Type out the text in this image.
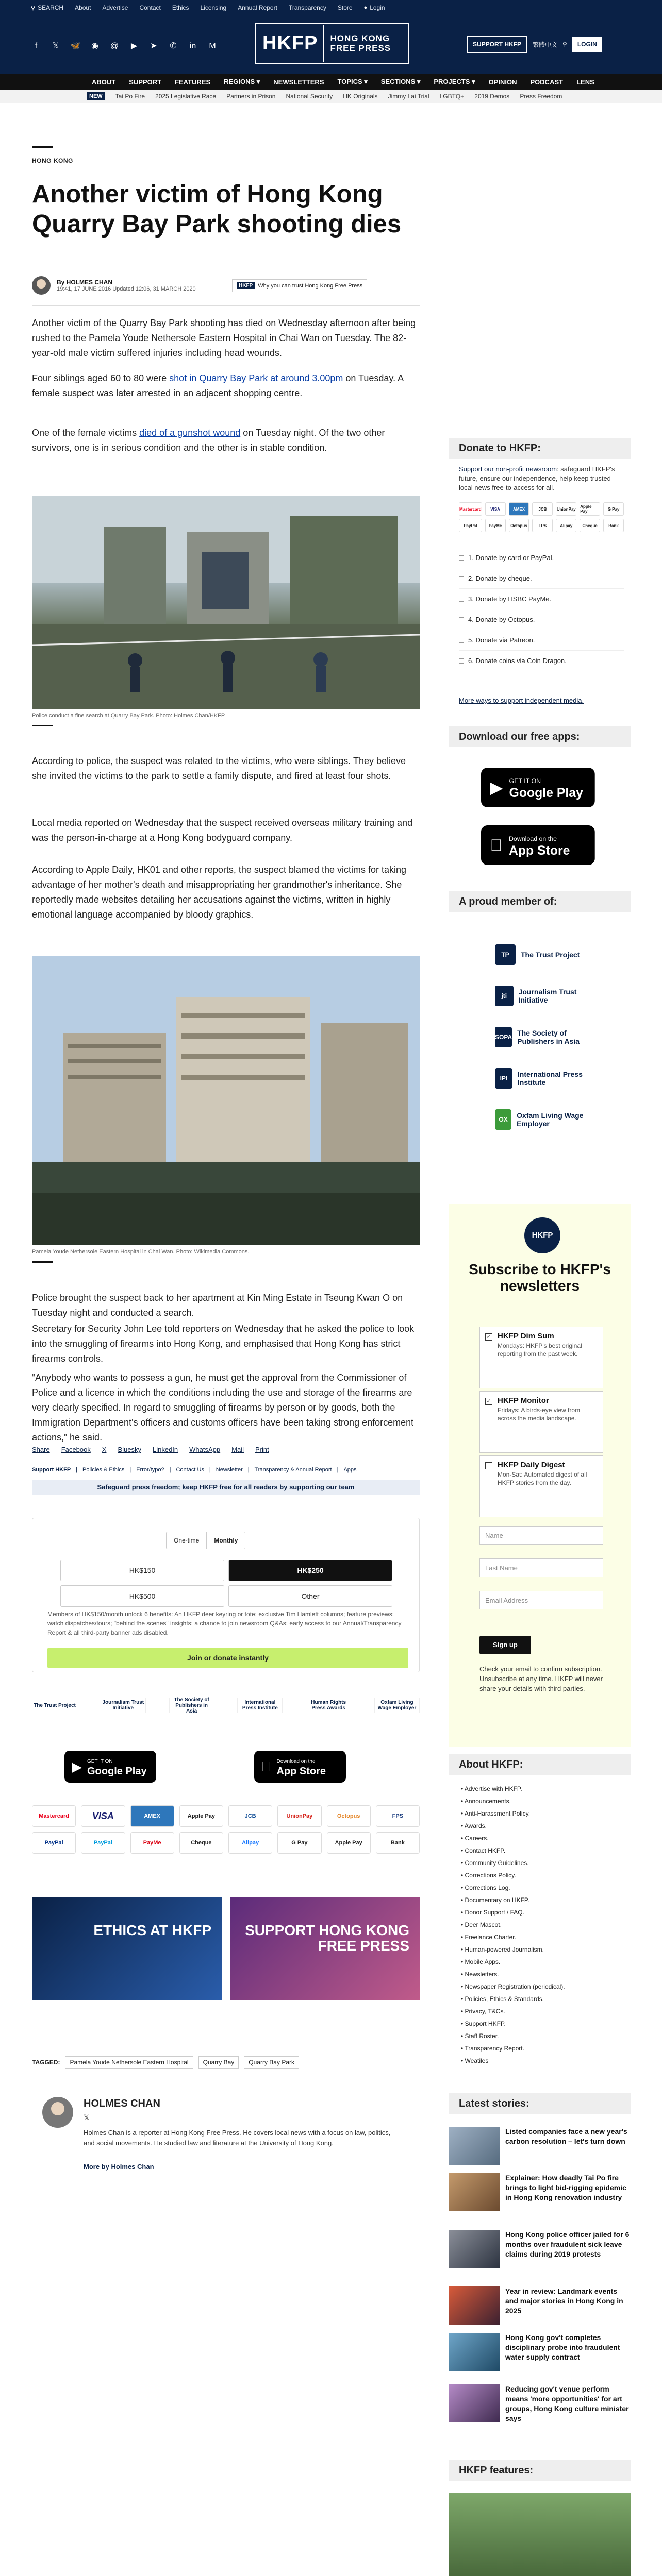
⚲ SEARCH About Advertise Contact Ethics Licensing Annual Report Transparency Store ● Login
f	𝕏 🦋 ◉ @ ▶ ➤ ✆ in M	HKFP	HONG KONG
FREE PRESS	SUPPORT HKFP	繁體中文 ⚲	LOGIN
ABOUT SUPPORT FEATURES REGIONS ▾ NEWSLETTERS TOPICS ▾ SECTIONS ▾ PROJECTS ▾ OPINION PODCAST LENS
NEW	Tai Po Fire 2025 Legislative Race Partners in Prison National Security HK Originals Jimmy Lai Trial LGBTQ+ 2019 Demos Press Freedom
HONG KONG
Another victim of Hong Kong Quarry Bay Park shooting dies
By HOLMES CHAN
19:41, 17 JUNE 2016 Updated 12:06, 31 MARCH 2020
HKFP Why you can trust Hong Kong Free Press

Another victim of the Quarry Bay Park shooting has died on Wednesday afternoon after being rushed to the Pamela Youde Nethersole Eastern Hospital in Chai Wan on Tuesday. The 82-year-old male victim suffered injuries including head wounds.

Four siblings aged 60 to 80 were shot in Quarry Bay Park at around 3.00pm on Tuesday. A female suspect was later arrested in an adjacent shopping centre.

One of the female victims died of a gunshot wound on Tuesday night. Of the two other survivors, one is in serious condition and the other is in stable condition.

Police conduct a fine search at Quarry Bay Park. Photo: Holmes Chan/HKFP

According to police, the suspect was related to the victims, who were siblings. They believe she invited the victims to the park to settle a family dispute, and fired at least four shots.

Local media reported on Wednesday that the suspect received overseas military training and was the person-in-charge at a Hong Kong bodyguard company.

According to Apple Daily, HK01 and other reports, the suspect blamed the victims for taking advantage of her mother's death and misappropriating her grandmother's inheritance. She reportedly made websites detailing her accusations against the victims, written in highly emotional language accompanied by bloody graphics.

Pamela Youde Nethersole Eastern Hospital in Chai Wan. Photo: Wikimedia Commons.

Police brought the suspect back to her apartment at Kin Ming Estate in Tseung Kwan O on Tuesday night and conducted a search.

Secretary for Security John Lee told reporters on Wednesday that he asked the police to look into the smuggling of firearms into Hong Kong, and emphasised that Hong Kong has strict firearms controls.

“Anybody who wants to possess a gun, he must get the approval from the Commissioner of Police and a licence in which the conditions including the use and storage of the firearms are very clearly specified. In regard to smuggling of firearms by person or by goods, both the Immigration Department's officers and customs officers have been taking strong enforcement actions,” he said.

Share Facebook X Bluesky LinkedIn WhatsApp Mail Print
Support HKFP | Policies & Ethics | Error/typo? | Contact Us | Newsletter | Transparency & Annual Report | Apps
Safeguard press freedom; keep HKFP free for all readers by supporting our team
One-time	Monthly
HK$150	HK$250
HK$500	Other

Members of HK$150/month unlock 6 benefits: An HKFP deer keyring or tote; exclusive Tim Hamlett columns; feature previews; watch dispatches/tours; "behind the scenes" insights; a chance to join newsroom Q&As; early access to our Annual/Transparency Report & all third-party banner ads disabled.

Join or donate instantly
The Trust Project	Journalism Trust Initiative
The Society of Publishers in Asia
International Press Institute
Human Rights Press Awards
Oxfam Living Wage Employer
▶ GET IT ON
Google Play
Download on the
App Store
Mastercard	VISA	AMEX	Apple Pay	JCB	UnionPay	Octopus	FPS
PayPal	PayPal	PayMe	Cheque	Alipay	G Pay	Apple Pay	Bank
ETHICS AT HKFP	SUPPORT HONG KONG FREE PRESS
TAGGED:	Pamela Youde Nethersole Eastern Hospital	Quarry Bay	Quarry Bay Park
HOLMES CHAN
𝕏

Holmes Chan is a reporter at Hong Kong Free Press. He covers local news with a focus on law, politics, and social movements. He studied law and literature at the University of Hong Kong.

More by Holmes Chan
Donate to HKFP:

Support our non-profit newsroom: safeguard HKFP's future, ensure our independence, help keep trusted local news free-to-access for all.

Mastercard	VISA	AMEX	JCB	UnionPay Apple Pay	G Pay
PayPal	PayMe	Octopus	FPS	Alipay	Cheque	Bank
1. Donate by card or PayPal.
2. Donate by cheque.
3. Donate by HSBC PayMe.
4. Donate by Octopus.
5. Donate via Patreon.
6. Donate coins via Coin Dragon.
More ways to support independent media.
Download our free apps:
▶ GET IT ON
Google Play
Download on the
App Store
A proud member of:
TP	The Trust Project
jti	Journalism Trust Initiative
SOPA The Society of Publishers in Asia
IPI	International Press Institute
OX	Oxfam Living Wage Employer
HKFP
Subscribe to HKFP's newsletters
✓ HKFP Dim Sum
Mondays: HKFP's best original reporting from the past week.
✓ HKFP Monitor
Fridays: A birds-eye view from across the media landscape.
HKFP Daily Digest
Mon-Sat: Automated digest of all HKFP stories from the day.
Name
Last Name
Email Address
Sign up

Check your email to confirm subscription. Unsubscribe at any time. HKFP will never share your details with third parties.

About HKFP:
• Advertise with HKFP.
• Announcements.
• Anti-Harassment Policy.
• Awards.
• Careers.
• Contact HKFP.
• Community Guidelines.
• Corrections Policy.
• Corrections Log.
• Documentary on HKFP.
• Donor Support / FAQ.
• Deer Mascot.
• Freelance Charter.
• Human-powered Journalism.
• Mobile Apps.
• Newsletters.
• Newspaper Registration (periodical).
• Policies, Ethics & Standards.
• Privacy, T&Cs.
• Support HKFP.
• Staff Roster.
• Transparency Report.
• Weatiles
Latest stories:
Listed companies face a new year's carbon resolution – let's turn down
Explainer: How deadly Tai Po fire brings to light bid-rigging epidemic in Hong Kong renovation industry
Hong Kong police officer jailed for 6 months over fraudulent sick leave claims during 2019 protests
Year in review: Landmark events and major stories in Hong Kong in 2025
Hong Kong gov't completes disciplinary probe into fraudulent water supply contract
Reducing gov't venue perform means 'more opportunities' for art groups, Hong Kong culture minister says
HKFP features:
